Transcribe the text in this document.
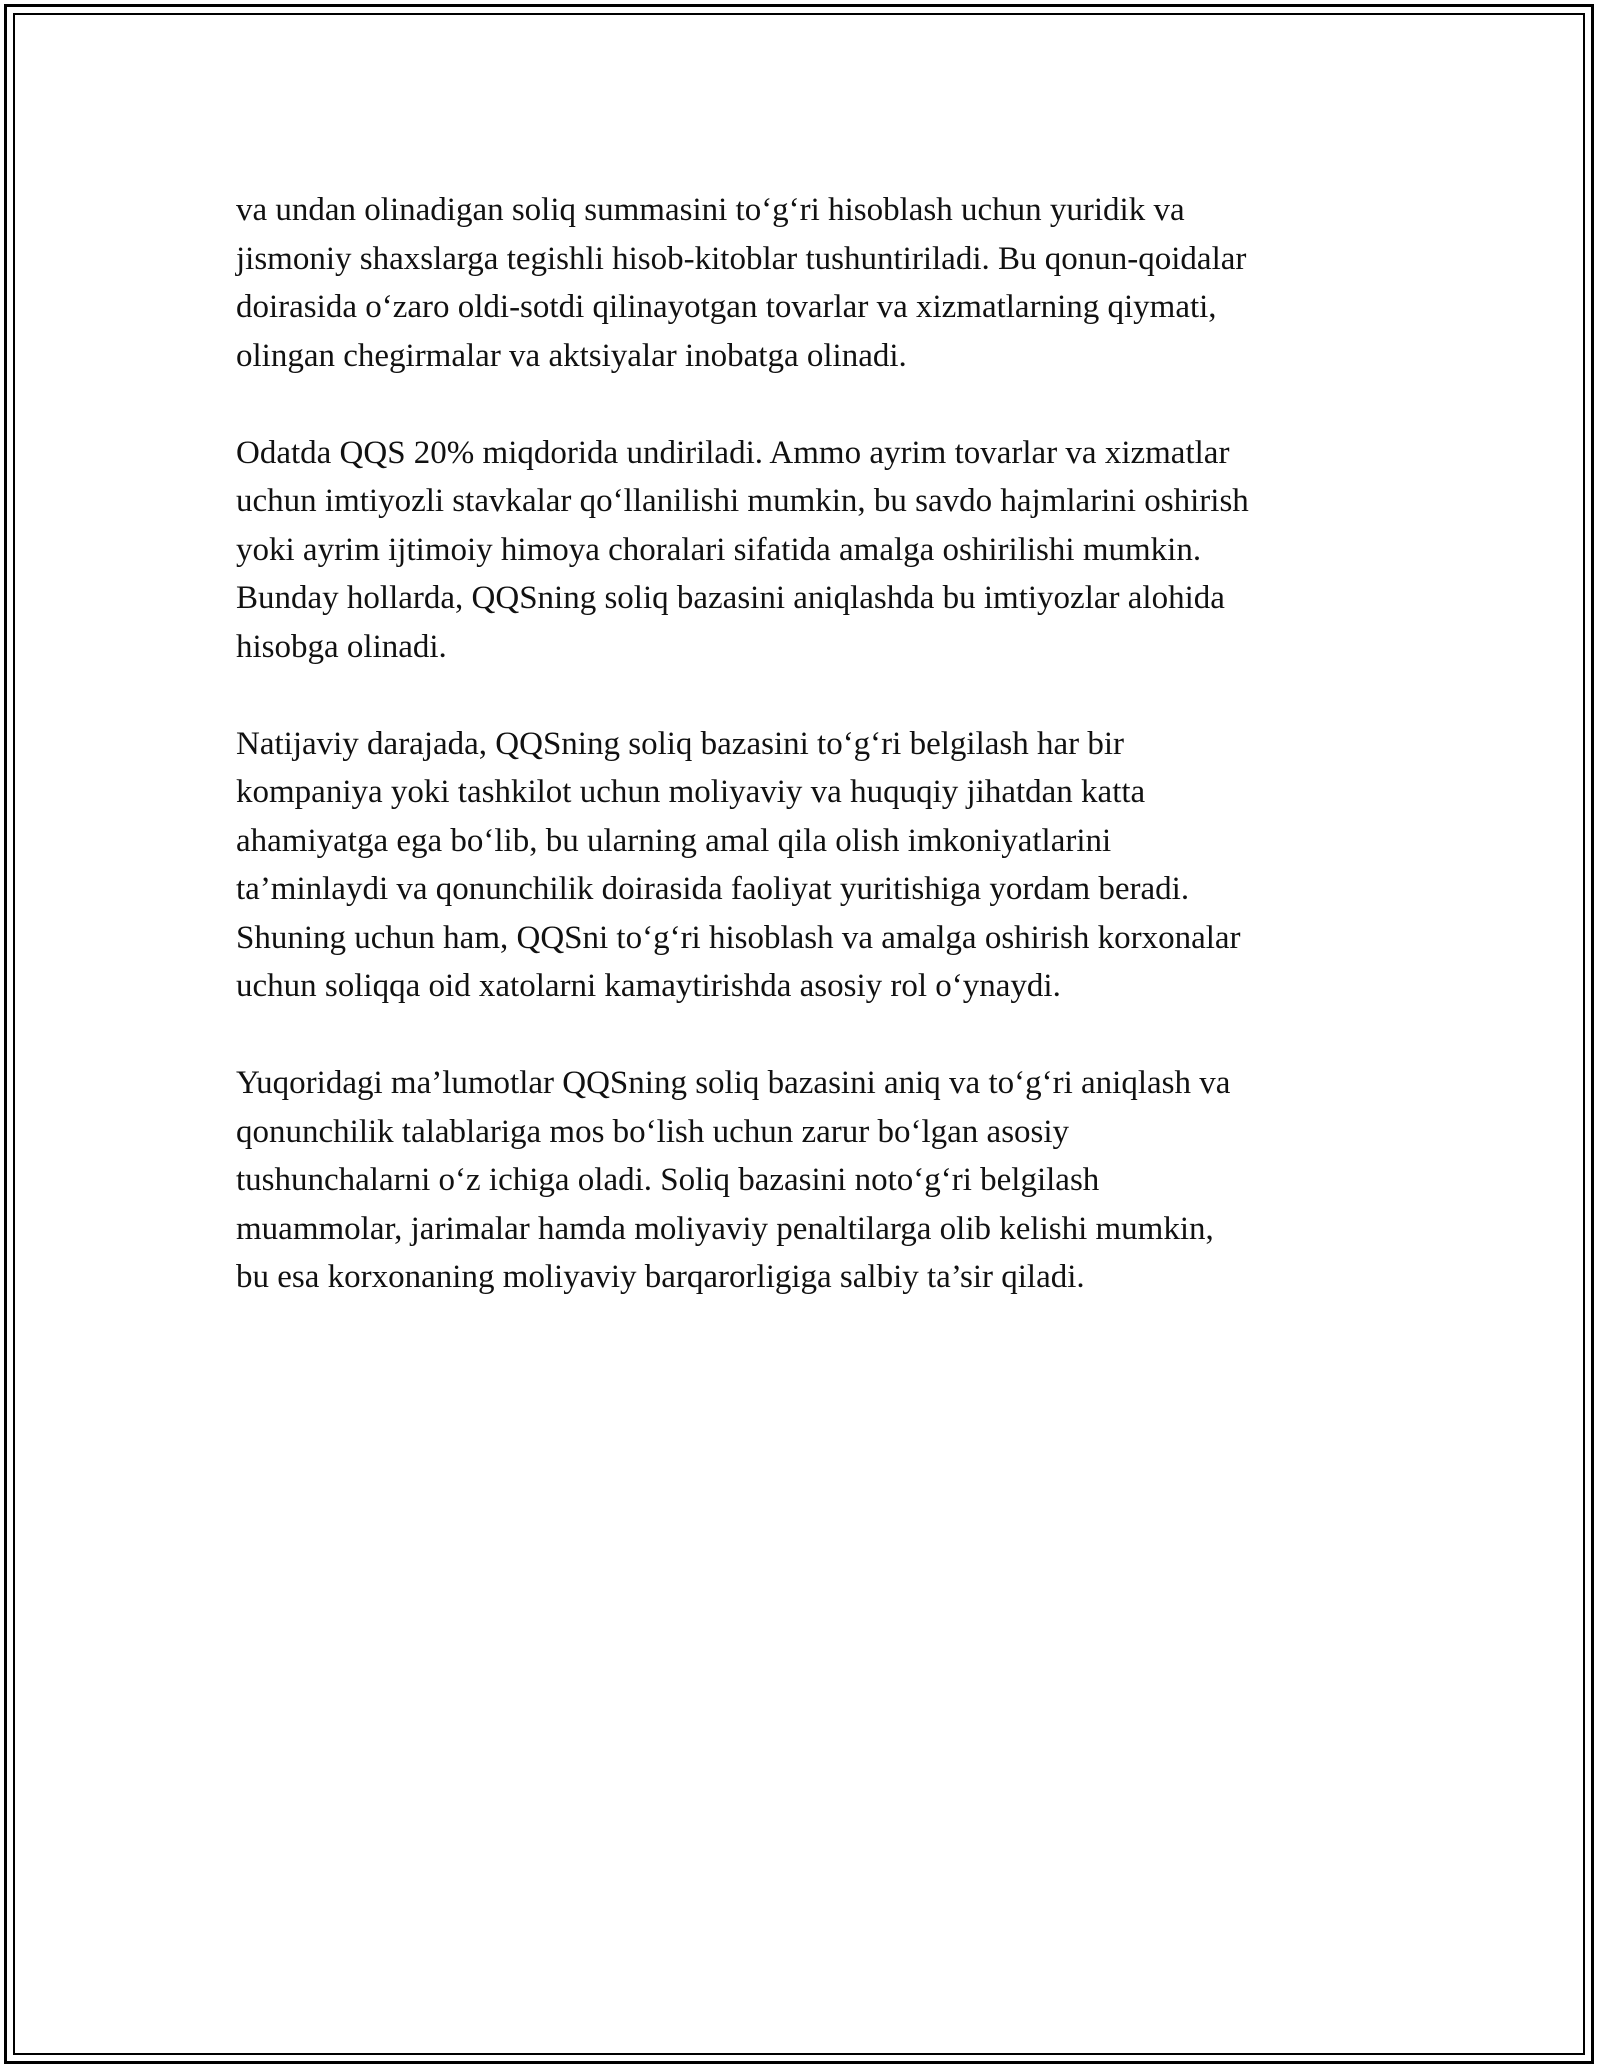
va undan olinadigan soliq summasini to‘g‘ri hisoblash uchun yuridik va
jismoniy shaxslarga tegishli hisob-kitoblar tushuntiriladi. Bu qonun-qoidalar
doirasida o‘zaro oldi-sotdi qilinayotgan tovarlar va xizmatlarning qiymati,
olingan chegirmalar va aktsiyalar inobatga olinadi.

Odatda QQS 20% miqdorida undiriladi. Ammo ayrim tovarlar va xizmatlar
uchun imtiyozli stavkalar qo‘llanilishi mumkin, bu savdo hajmlarini oshirish
yoki ayrim ijtimoiy himoya choralari sifatida amalga oshirilishi mumkin.
Bunday hollarda, QQSning soliq bazasini aniqlashda bu imtiyozlar alohida
hisobga olinadi.

Natijaviy darajada, QQSning soliq bazasini to‘g‘ri belgilash har bir
kompaniya yoki tashkilot uchun moliyaviy va huquqiy jihatdan katta
ahamiyatga ega bo‘lib, bu ularning amal qila olish imkoniyatlarini
ta’minlaydi va qonunchilik doirasida faoliyat yuritishiga yordam beradi.
Shuning uchun ham, QQSni to‘g‘ri hisoblash va amalga oshirish korxonalar
uchun soliqqa oid xatolarni kamaytirishda asosiy rol o‘ynaydi.

Yuqoridagi ma’lumotlar QQSning soliq bazasini aniq va to‘g‘ri aniqlash va
qonunchilik talablariga mos bo‘lish uchun zarur bo‘lgan asosiy
tushunchalarni o‘z ichiga oladi. Soliq bazasini noto‘g‘ri belgilash
muammolar, jarimalar hamda moliyaviy penaltilarga olib kelishi mumkin,
bu esa korxonaning moliyaviy barqarorligiga salbiy ta’sir qiladi.
